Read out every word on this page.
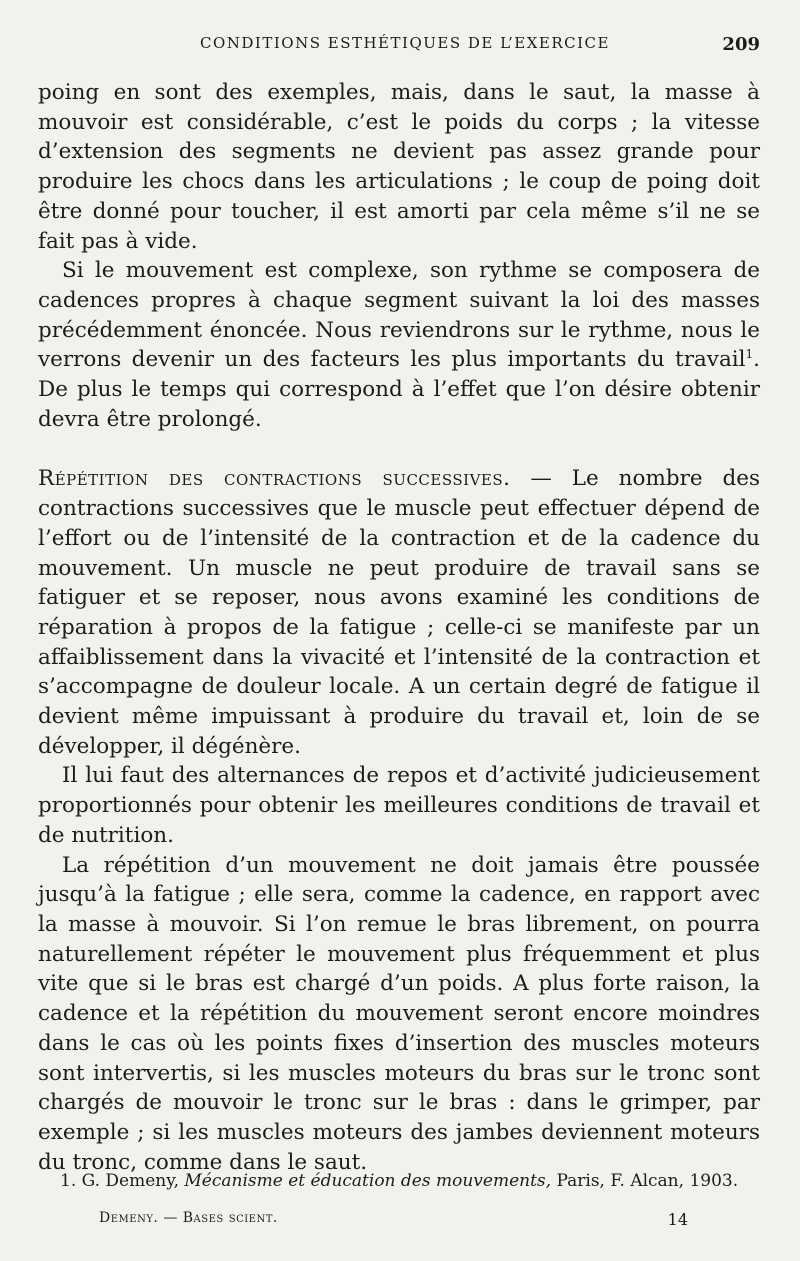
CONDITIONS ESTHÉTIQUES DE L’EXERCICE	209

poing en sont des exemples, mais, dans le saut, la masse à mouvoir est considérable, c’est le poids du corps ; la vitesse d’extension des segments ne devient pas assez grande pour produire les chocs dans les articulations ; le coup de poing doit être donné pour toucher, il est amorti par cela même s’il ne se fait pas à vide.

Si le mouvement est complexe, son rythme se composera de cadences propres à chaque segment suivant la loi des masses précédemment énoncée. Nous reviendrons sur le rythme, nous le verrons devenir un des facteurs les plus importants du travail$^1$. De plus le temps qui correspond à l’effet que l’on désire obtenir devra être prolongé.

Répétition des contractions successives. — Le nombre des contractions successives que le muscle peut effectuer dépend de l’effort ou de l’intensité de la contraction et de la cadence du mouvement. Un muscle ne peut produire de travail sans se fatiguer et se reposer, nous avons examiné les conditions de réparation à propos de la fatigue ; celle-ci se manifeste par un affaiblissement dans la vivacité et l’intensité de la contraction et s’accompagne de douleur locale. A un certain degré de fatigue il devient même impuissant à produire du travail et, loin de se développer, il dégénère.

Il lui faut des alternances de repos et d’activité judicieusement proportionnés pour obtenir les meilleures conditions de travail et de nutrition.

La répétition d’un mouvement ne doit jamais être poussée jusqu’à la fatigue ; elle sera, comme la cadence, en rapport avec la masse à mouvoir. Si l’on remue le bras librement, on pourra naturellement répéter le mouvement plus fréquemment et plus vite que si le bras est chargé d’un poids. A plus forte raison, la cadence et la répétition du mouvement seront encore moindres dans le cas où les points fixes d’insertion des muscles moteurs sont intervertis, si les muscles moteurs du bras sur le tronc sont chargés de mouvoir le tronc sur le bras : dans le grimper, par exemple ; si les muscles moteurs des jambes deviennent moteurs du tronc, comme dans le saut.

1. G. Demeny, Mécanisme et éducation des mouvements, Paris, F. Alcan, 1903.
Demeny. — Bases scient.	14
